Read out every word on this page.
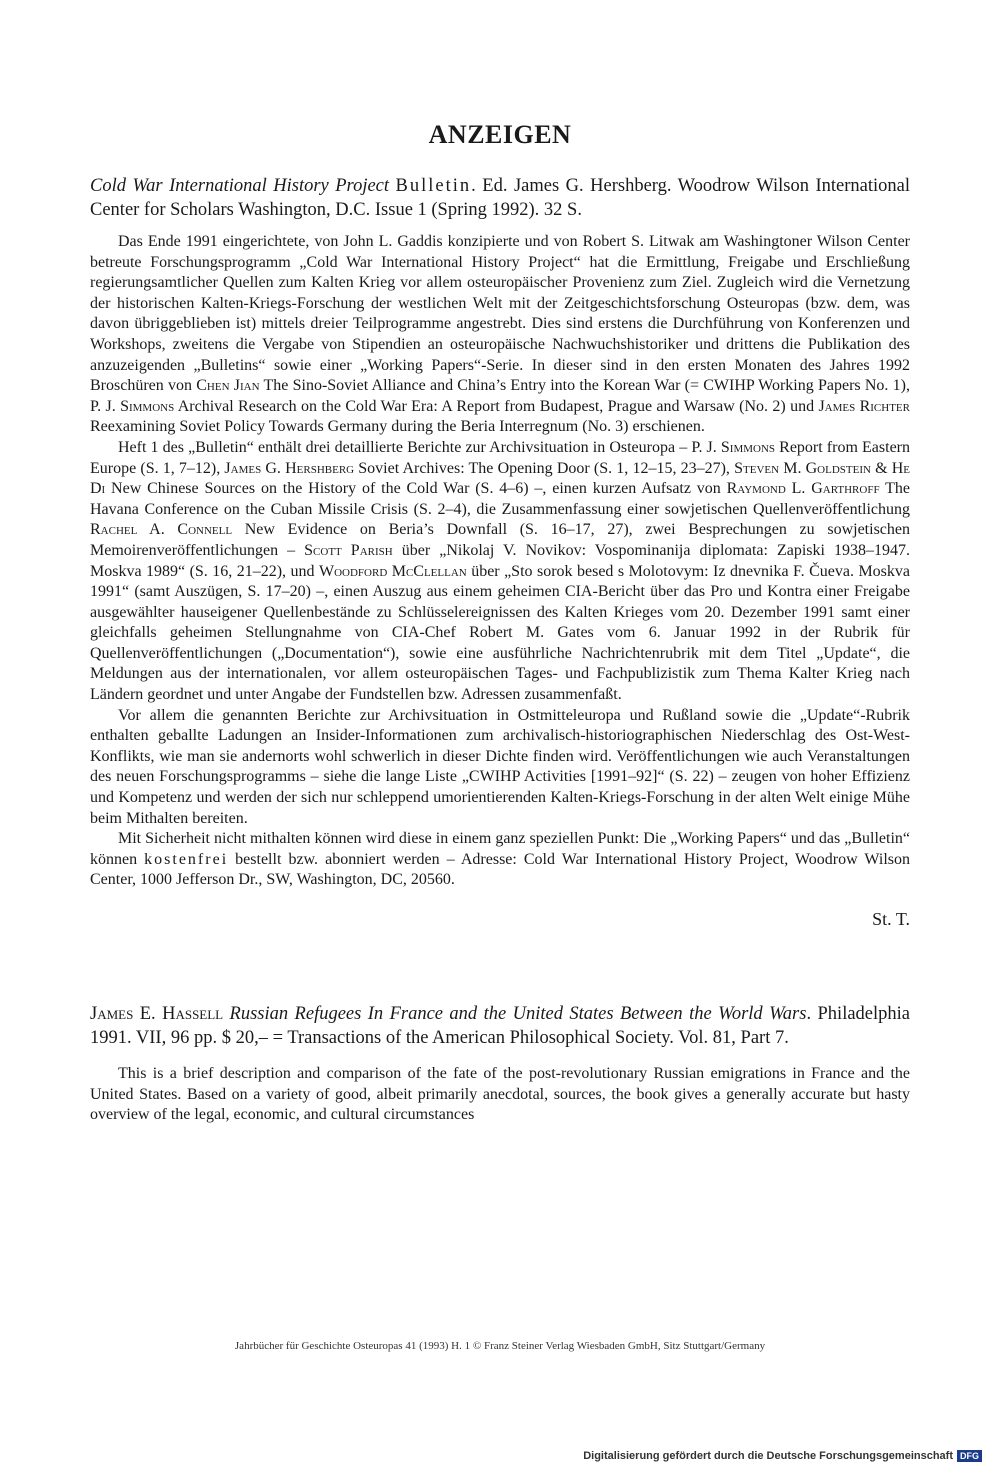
ANZEIGEN
Cold War International History Project Bulletin. Ed. James G. Hershberg. Woodrow Wilson International Center for Scholars Washington, D.C. Issue 1 (Spring 1992). 32 S.

Das Ende 1991 eingerichtete, von John L. Gaddis konzipierte und von Robert S. Litwak am Washingtoner Wilson Center betreute Forschungsprogramm „Cold War International History Project“ hat die Ermittlung, Freigabe und Erschließung regierungsamtlicher Quellen zum Kalten Krieg vor allem osteuropäischer Provenienz zum Ziel. Zugleich wird die Vernetzung der historischen Kalten-Kriegs-Forschung der westlichen Welt mit der Zeitgeschichtsforschung Osteuropas (bzw. dem, was davon übriggeblieben ist) mittels dreier Teilprogramme angestrebt. Dies sind erstens die Durchführung von Konferenzen und Workshops, zweitens die Vergabe von Stipendien an osteuropäische Nachwuchshistoriker und drittens die Publikation des anzuzeigenden „Bulletins“ sowie einer „Working Papers“-Serie. In dieser sind in den ersten Monaten des Jahres 1992 Broschüren von Chen Jian The Sino-Soviet Alliance and China’s Entry into the Korean War (= CWIHP Working Papers No. 1), P. J. Simmons Archival Research on the Cold War Era: A Report from Budapest, Prague and Warsaw (No. 2) und James Richter Reexamining Soviet Policy Towards Germany during the Beria Interregnum (No. 3) erschienen.

Heft 1 des „Bulletin“ enthält drei detaillierte Berichte zur Archivsituation in Osteuropa – P. J. Simmons Report from Eastern Europe (S. 1, 7–12), James G. Hershberg Soviet Archives: The Opening Door (S. 1, 12–15, 23–27), Steven M. Goldstein & He Di New Chinese Sources on the History of the Cold War (S. 4–6) –, einen kurzen Aufsatz von Raymond L. Garthroff The Havana Conference on the Cuban Missile Crisis (S. 2–4), die Zusammenfassung einer sowjetischen Quellenveröffentlichung Rachel A. Connell New Evidence on Beria’s Downfall (S. 16–17, 27), zwei Besprechungen zu sowjetischen Memoirenveröffentlichungen – Scott Parish über „Nikolaj V. Novikov: Vospominanija diplomata: Zapiski 1938–1947. Moskva 1989“ (S. 16, 21–22), und Woodford McClellan über „Sto sorok besed s Molotovym: Iz dnevnika F. Čueva. Moskva 1991“ (samt Auszügen, S. 17–20) –, einen Auszug aus einem geheimen CIA-Bericht über das Pro und Kontra einer Freigabe ausgewählter hauseigener Quellenbestände zu Schlüsselereignissen des Kalten Krieges vom 20. Dezember 1991 samt einer gleichfalls geheimen Stellungnahme von CIA-Chef Robert M. Gates vom 6. Januar 1992 in der Rubrik für Quellenveröffentlichungen („Documentation“), sowie eine ausführliche Nachrichtenrubrik mit dem Titel „Update“, die Meldungen aus der internationalen, vor allem osteuropäischen Tages- und Fachpublizistik zum Thema Kalter Krieg nach Ländern geordnet und unter Angabe der Fundstellen bzw. Adressen zusammenfaßt.

Vor allem die genannten Berichte zur Archivsituation in Ostmitteleuropa und Rußland sowie die „Update“-Rubrik enthalten geballte Ladungen an Insider-Informationen zum archivalisch-historiographischen Niederschlag des Ost-West-Konflikts, wie man sie andernorts wohl schwerlich in dieser Dichte finden wird. Veröffentlichungen wie auch Veranstaltungen des neuen Forschungsprogramms – siehe die lange Liste „CWIHP Activities [1991–92]“ (S. 22) – zeugen von hoher Effizienz und Kompetenz und werden der sich nur schleppend umorientierenden Kalten-Kriegs-Forschung in der alten Welt einige Mühe beim Mithalten bereiten.

Mit Sicherheit nicht mithalten können wird diese in einem ganz speziellen Punkt: Die „Working Papers“ und das „Bulletin“ können kostenfrei bestellt bzw. abonniert werden – Adresse: Cold War International History Project, Woodrow Wilson Center, 1000 Jefferson Dr., SW, Washington, DC, 20560.

St. T.
James E. Hassell Russian Refugees In France and the United States Between the World Wars. Philadelphia 1991. VII, 96 pp. $ 20,– = Transactions of the American Philosophical Society. Vol. 81, Part 7.

This is a brief description and comparison of the fate of the post-revolutionary Russian emigrations in France and the United States. Based on a variety of good, albeit primarily anecdotal, sources, the book gives a generally accurate but hasty overview of the legal, economic, and cultural circumstances

Jahrbücher für Geschichte Osteuropas 41 (1993) H. 1 © Franz Steiner Verlag Wiesbaden GmbH, Sitz Stuttgart/Germany
Digitalisierung gefördert durch die Deutsche Forschungsgemeinschaft DFG
